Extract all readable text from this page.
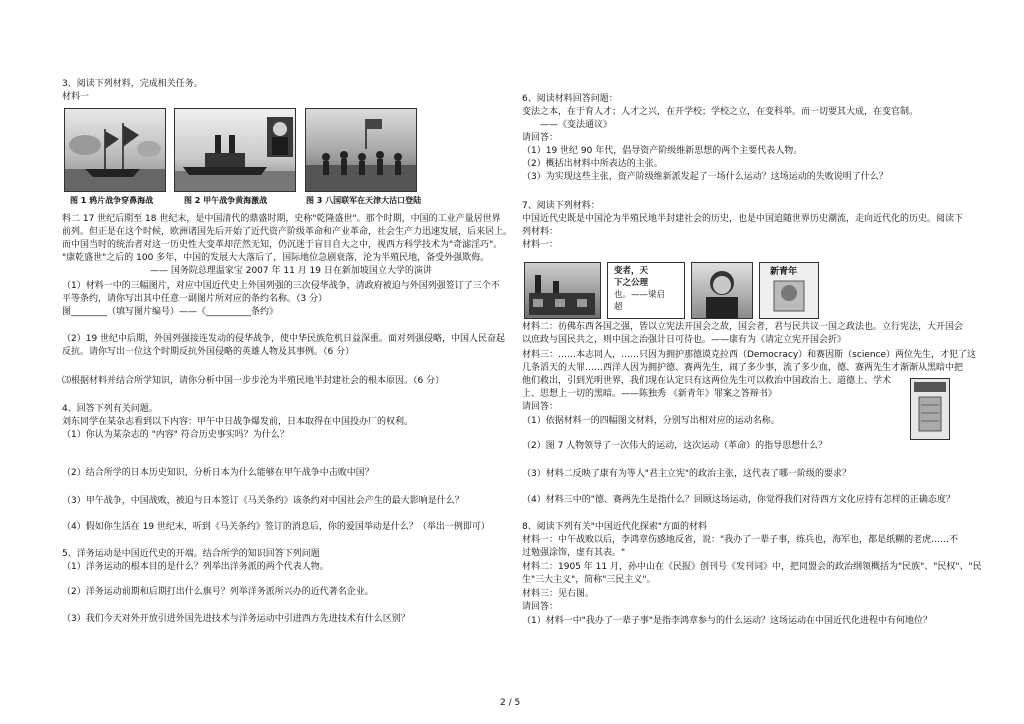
3、阅读下列材料，完成相关任务。
材料一
图 1 鸦片战争穿鼻海战	图 2 甲午战争黄海激战	图 3 八国联军在天津大沽口登陆
料二 17 世纪后期至 18 世纪末，是中国清代的鼎盛时期，史称"乾隆盛世"。那个时期，中国的工业产量居世界
前列。但正是在这个时候，欧洲诸国先后开始了近代资产阶级革命和产业革命，社会生产力迅速发展，后来居上。
而中国当时的统治者对这一历史性大变革却茫然无知，仍沉迷于盲目自大之中，视西方科学技术为"奇滤淫巧"。
"康乾盛世"之后的 100 多年，中国的发展大大落后了，国际地位急剧衰落，沦为半殖民地，备受外强欺侮。
—— 国务院总理温家宝 2007 年 11 月 19 日在新加坡国立大学的演讲
（1）材料一中的三幅图片，对应中国近代史上外国列强的三次侵华战争，清政府被迫与外国列强签订了三个不
平等条约，请你写出其中任意一副图片所对应的条约名称。（3 分）
图________（填写图片编号）——《__________条约》
（2）19 世纪中后期，外国列强接连发动的侵华战争，使中华民族危机日益深重。面对列强侵略，中国人民奋起
反抗。请你写出一位这个时期反抗外国侵略的英雄人物及其事例。（6 分）
⑶根据材料并结合所学知识，请你分析中国一步步沦为半殖民地半封建社会的根本原因。（6 分）
4、回答下列有关问题。
刘东同学在某杂志看到以下内容：甲午中日战争爆发前，日本取得在中国投办厂的权利。
（1）你认为某杂志的 "内容" 符合历史事实吗？为什么？
（2）结合所学的日本历史知识，分析日本为什么能够在甲午战争中击败中国？
（3）甲午战争，中国战败，被迫与日本签订《马关条约》该条约对中国社会产生的最大影响是什么？
（4）假如你生活在 19 世纪末，听到《马关条约》签订的消息后，你的爱国举动是什么？（举出一例即可）
5、洋务运动是中国近代史的开端。结合所学的知识回答下列问题
（1）洋务运动的根本目的是什么？列举出洋务派的两个代表人物。
（2）洋务运动前期和后期打出什么旗号？列举洋务派所兴办的近代著名企业。
（3）我们今天对外开放引进外国先进技术与洋务运动中引进西方先进技术有什么区别？
6、阅读材料回答问题：
变法之本，在于育人才；人才之兴，在开学校；学校之立，在变科举。而一切要其大成，在变官制。
——《变法通议》
请回答：
（1）19 世纪 90 年代，倡导资产阶级维新思想的两个主要代表人物。
（2）概括出材料中所表达的主张。
（3）为实现这些主张，资产阶级维新派发起了一场什么运动？这场运动的失败说明了什么？
7、阅读下列材料：
中国近代史既是中国沦为半殖民地半封建社会的历史，也是中国追随世界历史潮流，走向近代化的历史。阅读下
列材料：
材料一：
变者，天
下之公理
也。——梁启
超
新青年
材料二：彷佛东西各国之强，皆以立宪法开国会之故，国会者，君与民共议一国之政法也。立行宪法，大开国会
以庶政与国民共之，则中国之治强计日可待也。——康有为《请定立宪开国会折》
材料三：……本志同人，……只因为拥护那德谟克拉西（Democracy）和赛因斯（science）两位先生，才犯了这
几条滔天的大罪……西洋人因为拥护德、赛两先生，闹了多少事，流了多少血，德、赛两先生才渐渐从黑暗中把
他们救出，引到光明世界，我们现在认定只有这两位先生可以救治中国政治上、道德上、学术
上、思想上一切的黑暗。——陈独秀 《新青年》罪案之答辩书》
请回答：
（1）依据材料一的四幅图文材料，分别写出相对应的运动名称。
（2）图 7 人物领导了一次伟大的运动，这次运动（革命）的指导思想什么？
（3）材料二反映了康有为等人"君主立宪"的政治主张，这代表了哪一阶级的要求？
（4）材料三中的"德、赛两先生是指什么？回顾这场运动，你觉得我们对待西方文化应持有怎样的正确态度？
8、阅读下列有关"中国近代化探索"方面的材料
材料一：中午战败以后，李鸿章伤感地反省，说："我办了一辈子事，练兵也，海军也，都是纸糊的老虎……不
过勉强涂饰，虚有其表。"
材料二：1905 年 11 月，孙中山在《民报》创刊号《发刊词》中，把同盟会的政治纲领概括为"民族"、"民权"、"民
生"三大主义"，简称"三民主义"。
材料三：见右图。
请回答：
（1）材料一中"我办了一辈子事"是指李鸿章参与的什么运动？这场运动在中国近代化进程中有何地位？
2 / 5
